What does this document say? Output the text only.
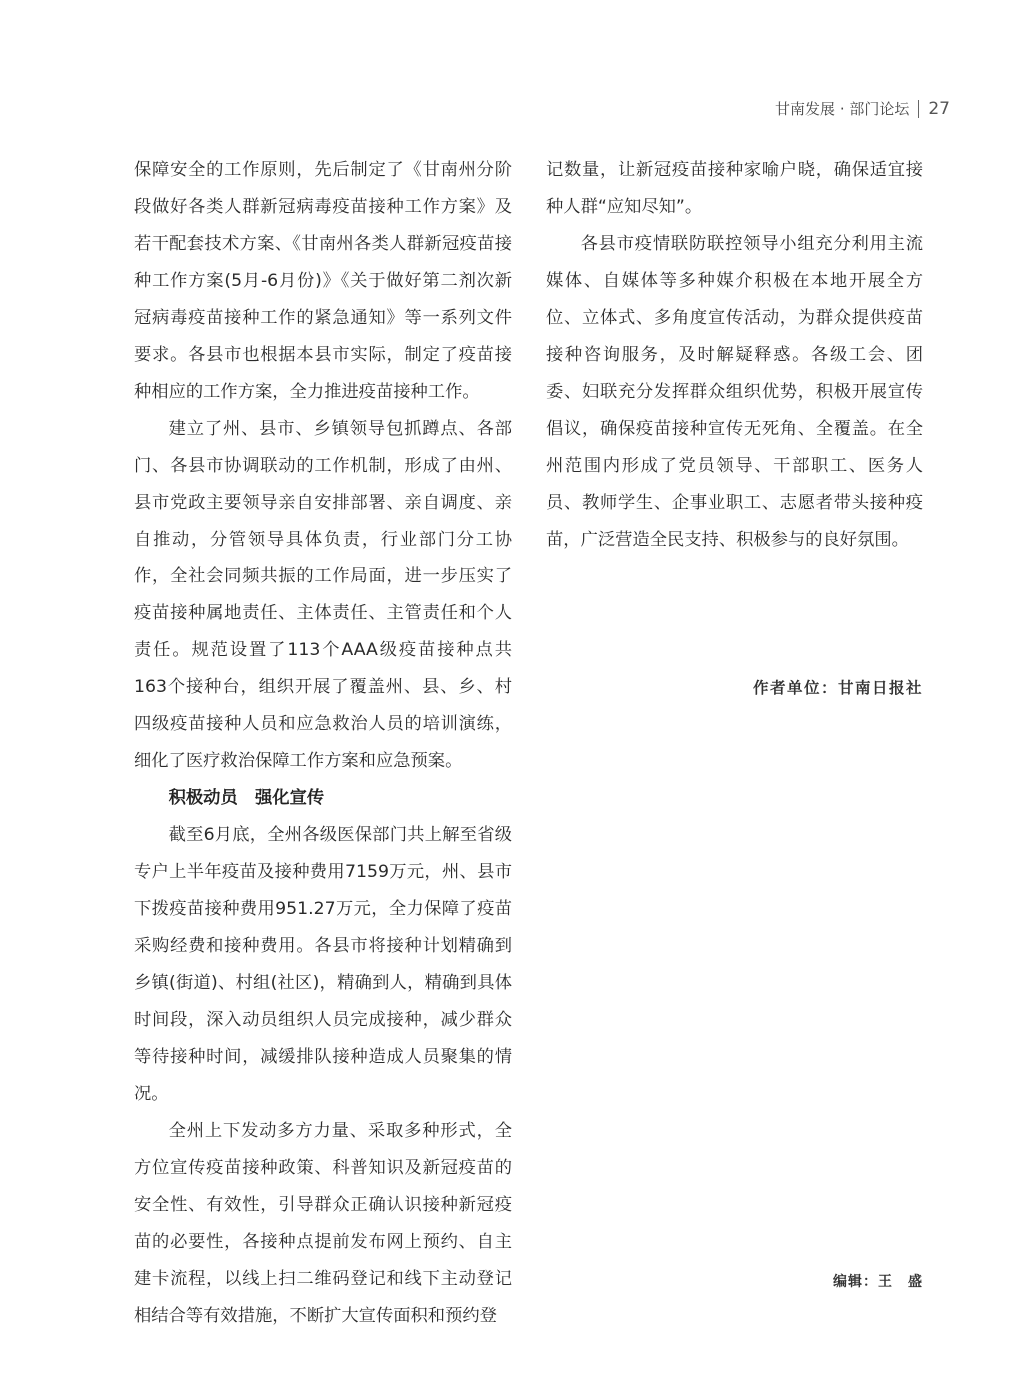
甘南发展 · 部门论坛 27

保障安全的工作原则，先后制定了《甘南州分阶段做好各类人群新冠病毒疫苗接种工作方案》及若干配套技术方案、《甘南州各类人群新冠疫苗接种工作方案(5月-6月份)》《关于做好第二剂次新冠病毒疫苗接种工作的紧急通知》等一系列文件要求。各县市也根据本县市实际，制定了疫苗接种相应的工作方案，全力推进疫苗接种工作。

建立了州、县市、乡镇领导包抓蹲点、各部门、各县市协调联动的工作机制，形成了由州、县市党政主要领导亲自安排部署、亲自调度、亲自推动，分管领导具体负责，行业部门分工协作，全社会同频共振的工作局面，进一步压实了疫苗接种属地责任、主体责任、主管责任和个人责任。规范设置了113个AAA级疫苗接种点共163个接种台，组织开展了覆盖州、县、乡、村四级疫苗接种人员和应急救治人员的培训演练，细化了医疗救治保障工作方案和应急预案。

积极动员　强化宣传

截至6月底，全州各级医保部门共上解至省级专户上半年疫苗及接种费用7159万元，州、县市下拨疫苗接种费用951.27万元，全力保障了疫苗采购经费和接种费用。各县市将接种计划精确到乡镇(街道)、村组(社区)，精确到人，精确到具体时间段，深入动员组织人员完成接种，减少群众等待接种时间，减缓排队接种造成人员聚集的情况。

全州上下发动多方力量、采取多种形式，全方位宣传疫苗接种政策、科普知识及新冠疫苗的安全性、有效性，引导群众正确认识接种新冠疫苗的必要性，各接种点提前发布网上预约、自主建卡流程，以线上扫二维码登记和线下主动登记相结合等有效措施，不断扩大宣传面积和预约登

记数量，让新冠疫苗接种家喻户晓，确保适宜接种人群“应知尽知”。

各县市疫情联防联控领导小组充分利用主流媒体、自媒体等多种媒介积极在本地开展全方位、立体式、多角度宣传活动，为群众提供疫苗接种咨询服务，及时解疑释惑。各级工会、团委、妇联充分发挥群众组织优势，积极开展宣传倡议，确保疫苗接种宣传无死角、全覆盖。在全州范围内形成了党员领导、干部职工、医务人员、教师学生、企事业职工、志愿者带头接种疫苗，广泛营造全民支持、积极参与的良好氛围。

作者单位：甘南日报社
编辑：王　盛
